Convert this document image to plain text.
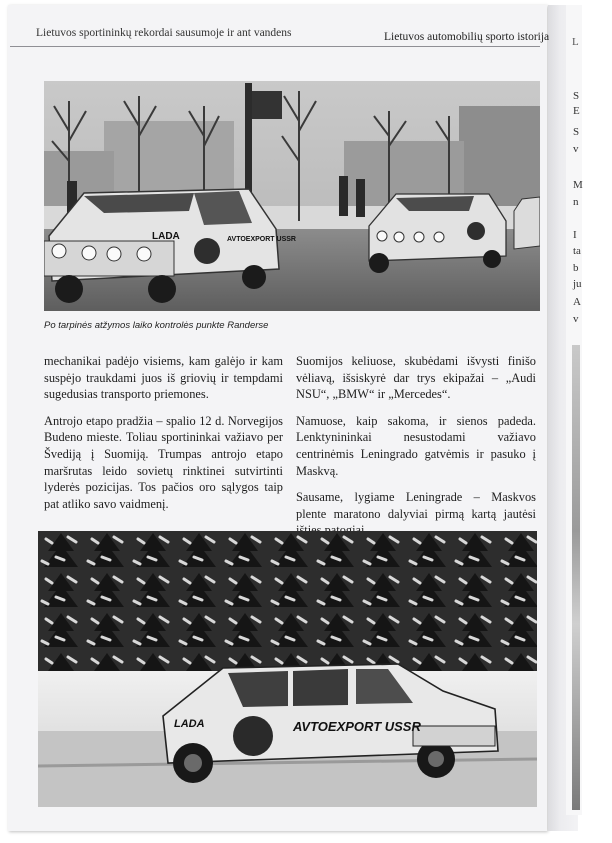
L
S
E
S
v
M
n
I
ta
b
ju
A
v
Lietuvos sportininkų rekordai sausumoje ir ant vandens	Lietuvos automobilių sporto istorija
LADA	AVTOEXPORT USSR
Po tarpinės atžymos laiko kontrolės punkte Randerse

mechanikai padėjo visiems, kam galėjo ir kam suspėjo traukdami juos iš griovių ir tempdami sugedusias transporto priemones.

Antrojo etapo pradžia – spalio 12 d. Norvegijos Budeno mieste. Toliau sportininkai važiavo per Švediją į Suomiją. Trumpas antrojo etapo maršrutas leido sovietų rinktinei sutvirtinti lyderės pozicijas. Tos pačios oro sąlygos taip pat atliko savo vaidmenį.

Suomijos keliuose, skubėdami išvysti finišo vėliavą, išsiskyrė dar trys ekipažai – „Audi NSU“, „BMW“ ir „Mercedes“.

Namuose, kaip sakoma, ir sienos padeda. Lenktynininkai nesustodami važiavo centrinėmis Leningrado gatvėmis ir pasuko į Maskvą.

Sausame, lygiame Leningrade – Maskvos plente maratono dalyviai pirmą kartą jautėsi

LADA	AVTOEXPORT USSR
